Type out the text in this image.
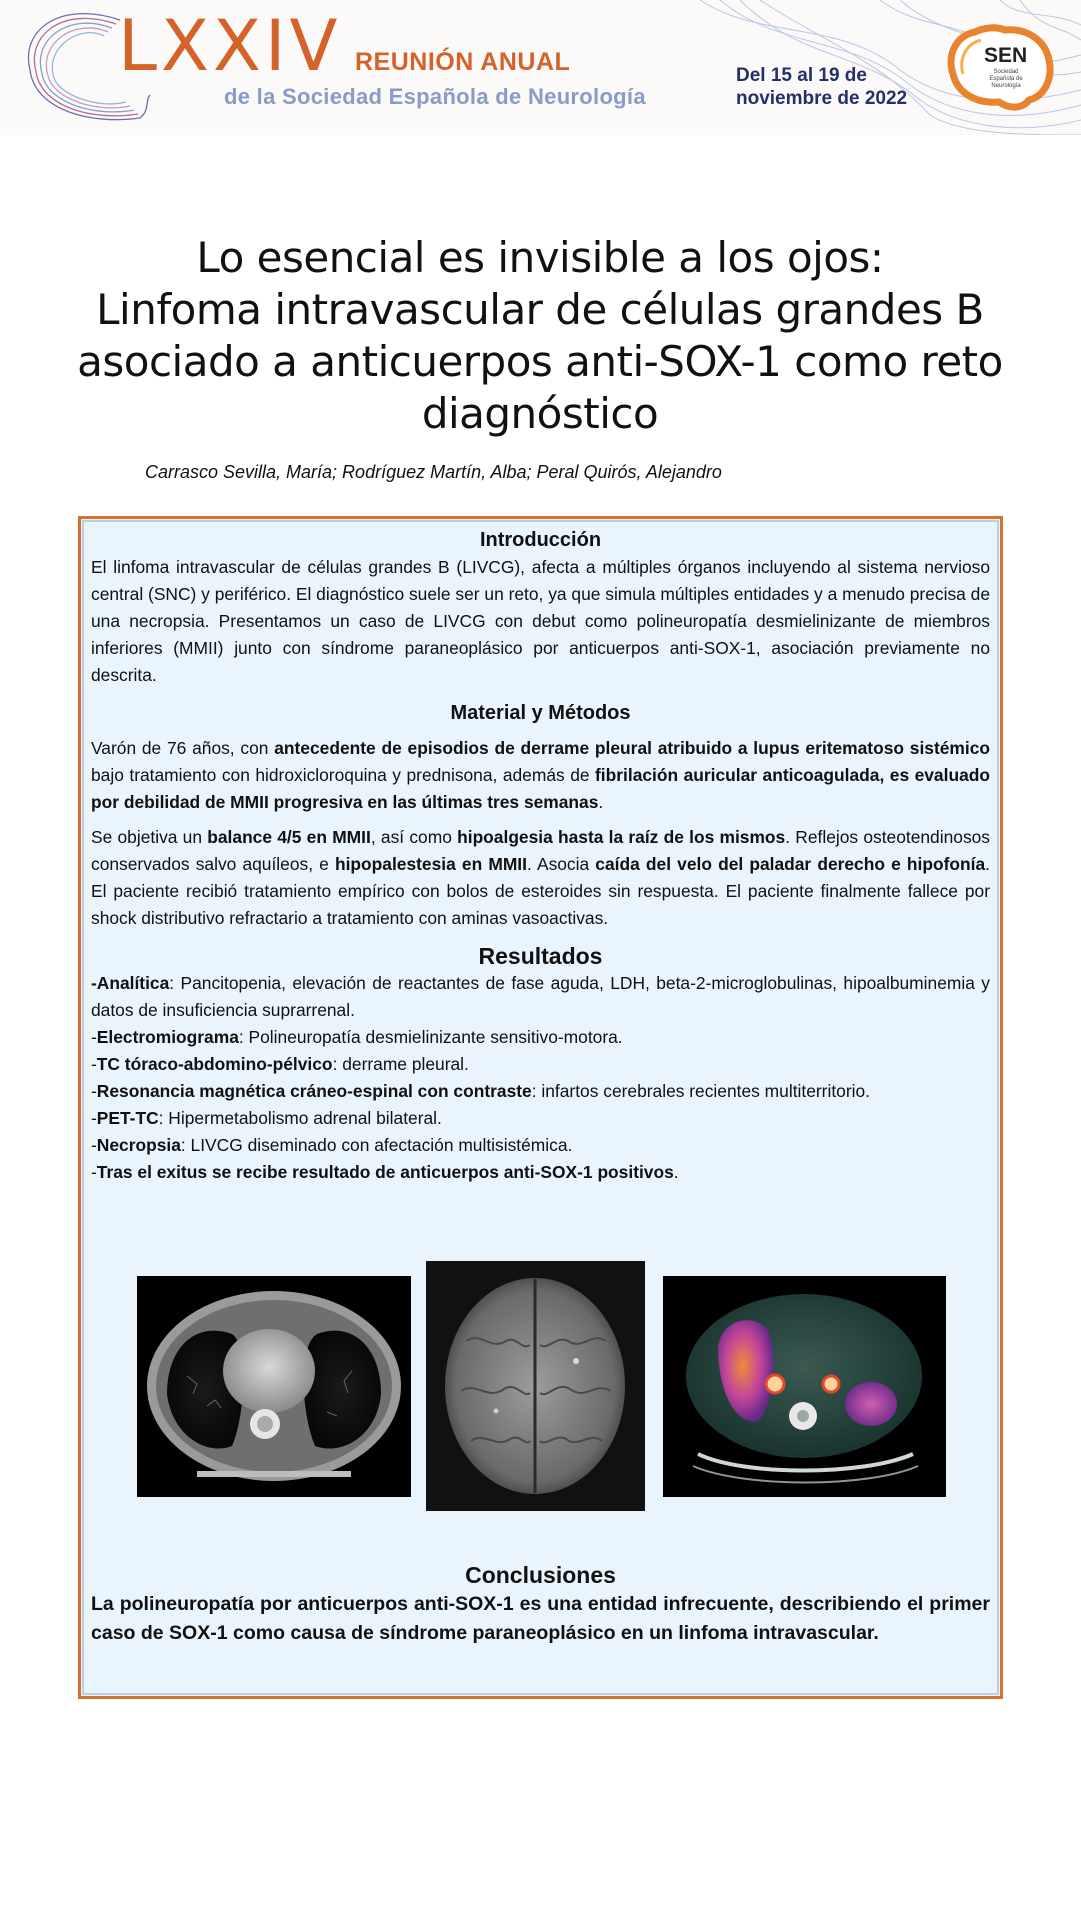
LXXIV REUNIÓN ANUAL
de la Sociedad Española de Neurología
Del 15 al 19 de
noviembre de 2022
SEN
Sociedad Española de Neurología
Lo esencial es invisible a los ojos:
Linfoma intravascular de células grandes B
asociado a anticuerpos anti-SOX-1 como reto
diagnóstico
Carrasco Sevilla, María; Rodríguez Martín, Alba; Peral Quirós, Alejandro

Introducción

El linfoma intravascular de células grandes B (LIVCG), afecta a múltiples órganos incluyendo al sistema nervioso central (SNC) y periférico. El diagnóstico suele ser un reto, ya que simula múltiples entidades y a menudo precisa de una necropsia. Presentamos un caso de LIVCG con debut como polineuropatía desmielinizante de miembros inferiores (MMII) junto con síndrome paraneoplásico por anticuerpos anti-SOX-1, asociación previamente no descrita.

Material y Métodos

Varón de 76 años, con antecedente de episodios de derrame pleural atribuido a lupus eritematoso sistémico bajo tratamiento con hidroxicloroquina y prednisona, además de fibrilación auricular anticoagulada, es evaluado por debilidad de MMII progresiva en las últimas tres semanas.

Se objetiva un balance 4/5 en MMII, así como hipoalgesia hasta la raíz de los mismos. Reflejos osteotendinosos conservados salvo aquíleos, e hipopalestesia en MMII. Asocia caída del velo del paladar derecho e hipofonía. El paciente recibió tratamiento empírico con bolos de esteroides sin respuesta. El paciente finalmente fallece por shock distributivo refractario a tratamiento con aminas vasoactivas.

Resultados

-Analítica: Pancitopenia, elevación de reactantes de fase aguda, LDH, beta-2-microglobulinas, hipoalbuminemia y datos de insuficiencia suprarrenal.

-Electromiograma: Polineuropatía desmielinizante sensitivo-motora.

-TC tóraco-abdomino-pélvico: derrame pleural.

-Resonancia magnética cráneo-espinal con contraste: infartos cerebrales recientes multiterritorio.

-PET-TC: Hipermetabolismo adrenal bilateral.

-Necropsia: LIVCG diseminado con afectación multisistémica.

-Tras el exitus se recibe resultado de anticuerpos anti-SOX-1 positivos.

Conclusiones
La polineuropatía por anticuerpos anti-SOX-1 es una entidad infrecuente, describiendo el primer caso de SOX-1 como causa de síndrome paraneoplásico en un linfoma intravascular.
